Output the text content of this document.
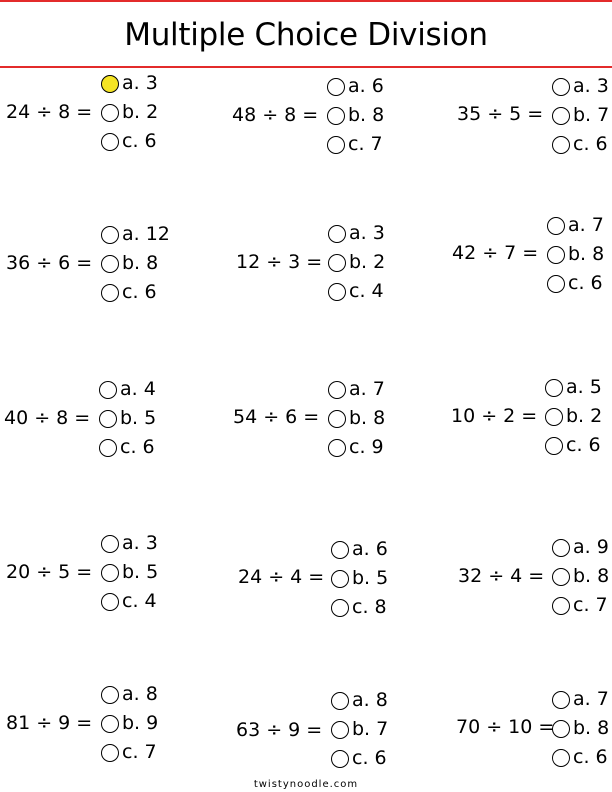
Multiple Choice Division
24 ÷ 8 =
a. 3
b. 2
c. 6
48 ÷ 8 =
a. 6
b. 8
c. 7
35 ÷ 5 =
a. 3
b. 7
c. 6
36 ÷ 6 =
a. 12
b. 8
c. 6
12 ÷ 3 =
a. 3
b. 2
c. 4
42 ÷ 7 =
a. 7
b. 8
c. 6
40 ÷ 8 =
a. 4
b. 5
c. 6
54 ÷ 6 =
a. 7
b. 8
c. 9
10 ÷ 2 =
a. 5
b. 2
c. 6
20 ÷ 5 =
a. 3
b. 5
c. 4
24 ÷ 4 =
a. 6
b. 5
c. 8
32 ÷ 4 =
a. 9
b. 8
c. 7
81 ÷ 9 =
a. 8
b. 9
c. 7
63 ÷ 9 =
a. 8
b. 7
c. 6
70 ÷ 10 =
a. 7
b. 8
c. 6
twistynoodle.com
